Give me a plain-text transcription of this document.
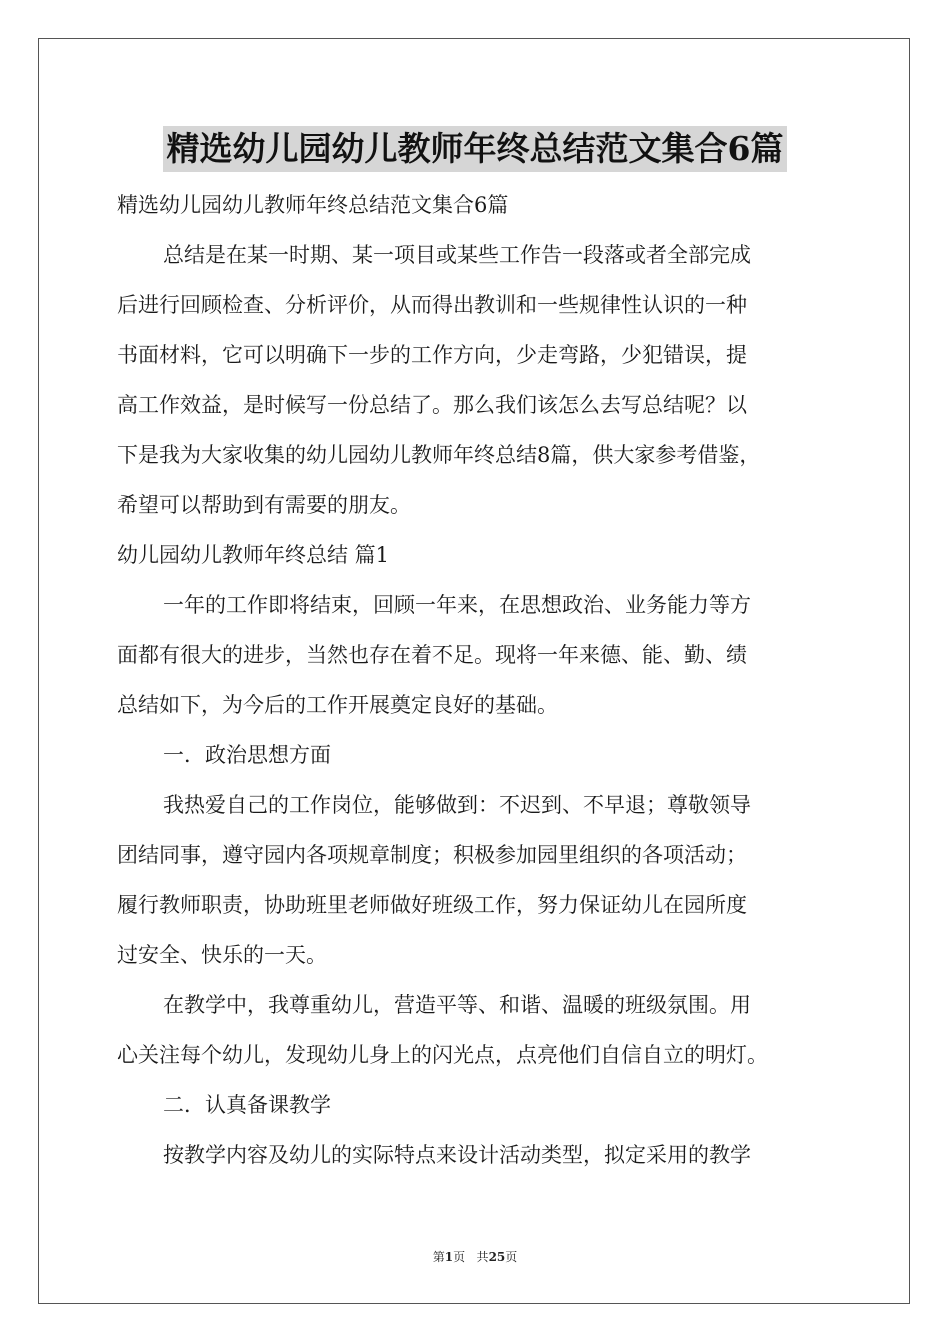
精选幼儿园幼儿教师年终总结范文集合6篇

精选幼儿园幼儿教师年终总结范文集合6篇

总结是在某一时期、某一项目或某些工作告一段落或者全部完成

后进行回顾检查、分析评价，从而得出教训和一些规律性认识的一种

书面材料，它可以明确下一步的工作方向，少走弯路，少犯错误，提

高工作效益，是时候写一份总结了。那么我们该怎么去写总结呢？以

下是我为大家收集的幼儿园幼儿教师年终总结8篇，供大家参考借鉴，

希望可以帮助到有需要的朋友。

幼儿园幼儿教师年终总结 篇1

一年的工作即将结束，回顾一年来，在思想政治、业务能力等方

面都有很大的进步，当然也存在着不足。现将一年来德、能、勤、绩

总结如下，为今后的工作开展奠定良好的基础。

一．政治思想方面

我热爱自己的工作岗位，能够做到：不迟到、不早退；尊敬领导

团结同事，遵守园内各项规章制度；积极参加园里组织的各项活动；

履行教师职责，协助班里老师做好班级工作，努力保证幼儿在园所度

过安全、快乐的一天。

在教学中，我尊重幼儿，营造平等、和谐、温暖的班级氛围。用

心关注每个幼儿，发现幼儿身上的闪光点，点亮他们自信自立的明灯。

二．认真备课教学

按教学内容及幼儿的实际特点来设计活动类型，拟定采用的教学

第1页 共25页
